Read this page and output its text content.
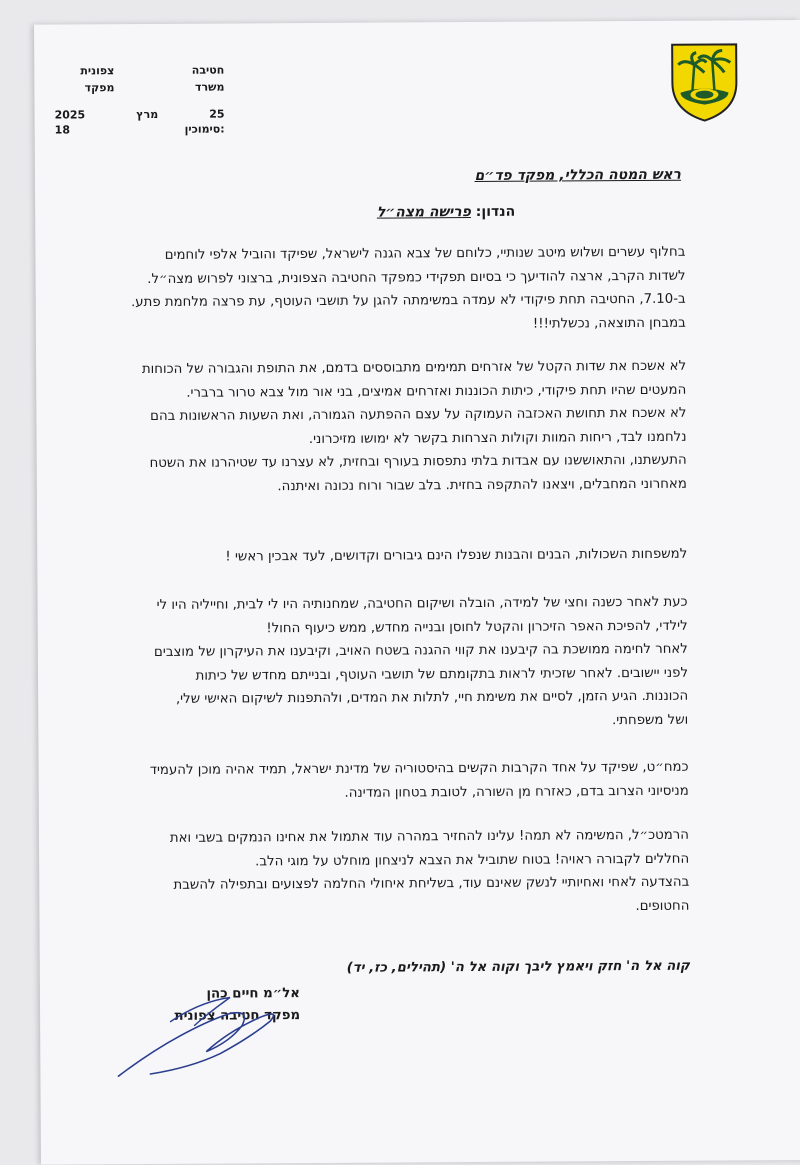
חטיבה
משרד
צפונית
מפקד
2025	מרץ	25
18	סימוכין:
ראש המטה הכללי, מפקד פד״ם
הנדון: פרישה מצה״ל

בחלוף עשרים ושלוש מיטב שנותיי, כלוחם של צבא הגנה לישראל, שפיקד והוביל אלפי לוחמים

לשדות הקרב, ארצה להודיעך כי בסיום תפקידי כמפקד החטיבה הצפונית, ברצוני לפרוש מצה״ל.

ב-7.10, החטיבה תחת פיקודי לא עמדה במשימתה להגן על תושבי העוטף, עת פרצה מלחמת פתע.

במבחן התוצאה, נכשלתי!!!

לא אשכח את שדות הקטל של אזרחים תמימים מתבוססים בדמם, את התופת והגבורה של הכוחות

המעטים שהיו תחת פיקודי, כיתות הכוננות ואזרחים אמיצים, בני אור מול צבא טרור ברברי.

לא אשכח את תחושת האכזבה העמוקה על עצם ההפתעה הגמורה, ואת השעות הראשונות בהם

נלחמנו לבד, ריחות המוות וקולות הצרחות בקשר לא ימושו מזיכרוני.

התעשתנו, והתאוששנו עם אבדות בלתי נתפסות בעורף ובחזית, לא עצרנו עד שטיהרנו את השטח

מאחרוני המחבלים, ויצאנו להתקפה בחזית. בלב שבור ורוח נכונה ואיתנה.

למשפחות השכולות, הבנים והבנות שנפלו הינם גיבורים וקדושים, לעד אבכין ראשי !

כעת לאחר כשנה וחצי של למידה, הובלה ושיקום החטיבה, שמחנותיה היו לי לבית, וחייליה היו לי

לילדי, להפיכת האפר הזיכרון והקטל לחוסן ובנייה מחדש, ממש כיעוף החול!

לאחר לחימה ממושכת בה קיבענו את קווי ההגנה בשטח האויב, וקיבענו את העיקרון של מוצבים

לפני יישובים. לאחר שזכיתי לראות בתקומתם של תושבי העוטף, ובנייתם מחדש של כיתות

הכוננות. הגיע הזמן, לסיים את משימת חיי, לתלות את המדים, ולהתפנות לשיקום האישי שלי,

ושל משפחתי.

כמח״ט, שפיקד על אחד הקרבות הקשים בהיסטוריה של מדינת ישראל, תמיד אהיה מוכן להעמיד

מניסיוני הצרוב בדם, כאזרח מן השורה, לטובת בטחון המדינה.

הרמטכ״ל, המשימה לא תמה! עלינו להחזיר במהרה עוד אתמול את אחינו הנמקים בשבי ואת

החללים לקבורה ראויה! בטוח שתוביל את הצבא לניצחון מוחלט על מוגי הלב.

בהצדעה לאחי ואחיותיי לנשק שאינם עוד, בשליחת איחולי החלמה לפצועים ובתפילה להשבת

החטופים.

קוה אל ה' חזק ויאמץ ליבך וקוה אל ה' (תהילים, כז, יד)
אל״מ חיים כהן
מפקד חטיבה צפונית
